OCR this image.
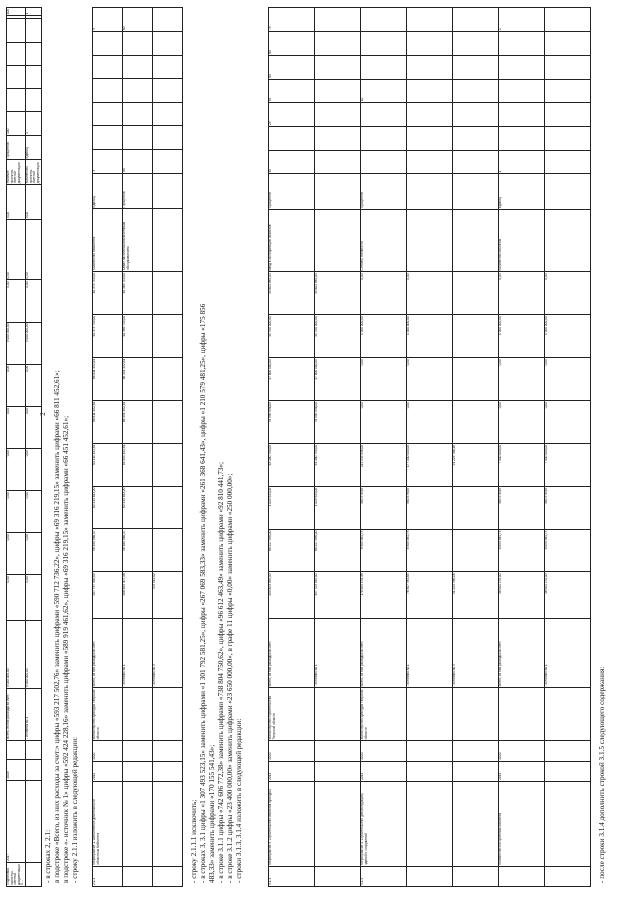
2
Подготовка проектно-сметной документации и ...	2017	2018		Всего, из них расходы за счет:	5 000 000,00	0,00	0,00	0,00	0,00	0,00	0,00	5 000 000,00	0,00	0,00	0,00	Наличие проектно-сметной документации	Процентов	100						100
				- источник № 1	5 000 000,00	0,00	0,00	0,00	0,00	0,00	0,00	5 000 000,00	0,00	0,00	0,00	Количество проектно-сметной документации	Единиц	1						1
- в строках 2, 2.1: в подстроке «Всего, из них расходы за счет:» цифры «593 217 502,76» заменить цифрами «590 712 736,22», цифры «69 316 219,15» заменить цифрами «66 811 452,61»; в подстроке «- источник № 1» цифры «592 424 228,16» заменить цифрами «589 919 461,62», цифры «69 316 219,15» заменить цифрами «66 451 452,61»; - строку 2.1.1 изложить в следующей редакции:	2.1.1	Мероприятие 1. Обеспечение деятельности областных библиотек	2014	2020	Министерство культуры Тверской области	Всего, из них расходы за счет:	507 797 390,69	58 190 366,47	62 414 643,20	64 411 452,61	66 811 452,61	66 811 452,61	62 373 719,00	62 375 719,00	Количество библиотек	Единиц	3						3
					- источник № 1	506 854 307,46	58 180 366,47	62 414 643,20	64 451 452,61	66 451 452,61	66 451 452,61	62 365 719,00	62 365 719,00	Охват населения библиотечным обслуживанием	Процентов	60						60
					- источник № 3	703 514,62																
- строку 2.1.1.1 исключить; - в строках 3, 3.1 цифры «1 307 493 523,15» заменить цифрами «1 301 792 581,25», цифры «267 069 583,33» заменить цифрами «261 368 641,43», цифры «1 210 579 481,25», цифры «175 856 483,33» заменить цифрами «170 155 541,43»; - в строке 3.1.1 цифры «742 606 772,38» заменить цифрами «738 804 750,62», цифры «96 612 463,49» заменить цифрами «92 810 441,73»; - в строке 3.1.2 цифры «23 400 000,00» заменить цифрами «23 650 000,00», в графе 11 цифры «0,00» заменить цифрами «250 000,00»; - строки 3.1.3, 3.1.4 изложить в следующей редакции:	3.1.3	Мероприятие 3. Строительство объектов культуры	2014	2020	Министерство строительства Тверской области	Всего, из них расходы за счет:	499 823 395,00	66 217 956,00	1 023 924,00	63 180 790,00	78 950 996,00	47 800 000,00	49 700 000,00	49 801 985,00	Ввод в эксплуатацию объектов	Процентов	40		25	45	65	80	75
					- источник № 1	497 723 395,00	66 217 956,00	1 023 924,00	61 180 790,00	78 950 996,00	47 800 000,00	49 700 000,00	49 801 985,00									
3.1.4	Мероприятие 4. Строительство (реконструкция) зданий и сооружений	2014	2020	Министерство культуры Тверской области	Всего, из них расходы за счет:	178 504 478,38	8 905 961,73	960 578,65	213 943 936,00	0,00	0,00	1 000 000,00	0,00	Степень готовности	Процентов				10			
					- источник № 1	78 307 784,64	8 905 961,73	960 578,65	177 000 000,00	0,00	0,00	1 000 000,00	0,00									
					- источник № 3	91 223 786,16			91 223 786,16													
	Количество построенных объектов	2014	2020		Всего, из них расходы за счет:	16 001 270,00	8 055 981,73	960 578,65	7 000 000,00	0,00	0,00	1 000 000,00	0,00	Количество объектов	Единиц	1						1
					- источник № 1	16 001 270,00	8 055 981,73	960 578,65	7 000 000,00	0,00	0,00	1 000 000,00	0,00									
- после строки 3.1.4 дополнить строкой 3.1.5 следующего содержания:
